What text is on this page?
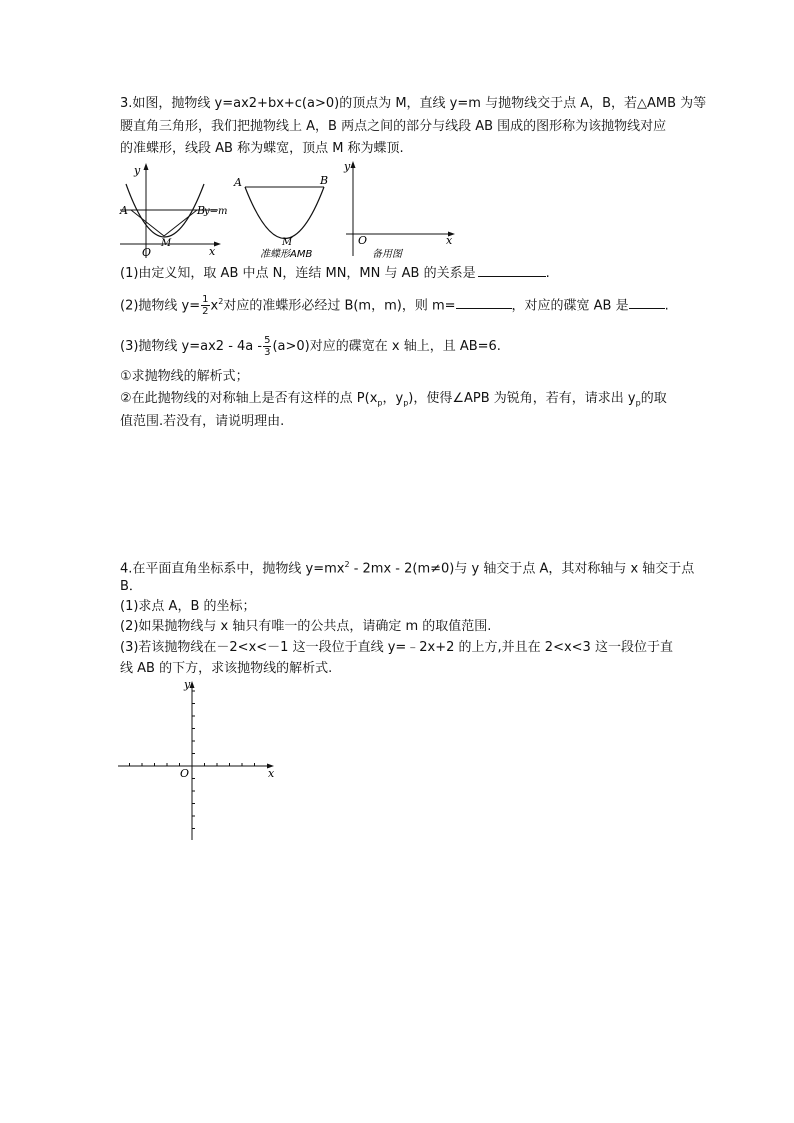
3.如图，抛物线 y=ax2+bx+c(a>0)的顶点为 M，直线 y=m 与抛物线交于点 A，B，若△AMB 为等
腰直角三角形，我们把抛物线上 A，B 两点之间的部分与线段 AB 围成的图形称为该抛物线对应
的准蝶形，线段 AB 称为蝶宽，顶点 M 称为蝶顶.
y
x
A	B
y=m
O
M
A	B
M
准蝶形AMB
y
x
O
备用图
(1)由定义知，取 AB 中点 N，连结 MN，MN 与 AB 的关系是	.
(2)抛物线 $y= \frac{1}{2} x^2$对应的准蝶形必经过 B(m，m)，则 m=	，对应的碟宽 AB 是	.
(3)抛物线 $y=ax2 - 4a - \frac{5}{3} (a>0)$对应的碟宽在 x 轴上，且 AB=6.
①求抛物线的解析式；
②在此抛物线的对称轴上是否有这样的点 $P(x_p$，$y_p$)，使得∠APB 为锐角，若有，请求出 $y_p$的取
值范围.若没有，请说明理由.
4.在平面直角坐标系中，抛物线 $y=mx^2 - 2mx - 2(m\ne 0)$与 y 轴交于点 A，其对称轴与 x 轴交于点
B．
(1)求点 A，B 的坐标；
(2)如果抛物线与 x 轴只有唯一的公共点，请确定 m 的取值范围.
(3)若该抛物线在－2<x<－1 这一段位于直线 y=﹣2x+2 的上方,并且在 2<x<3 这一段位于直
线 AB 的下方，求该抛物线的解析式.
y
x
O
